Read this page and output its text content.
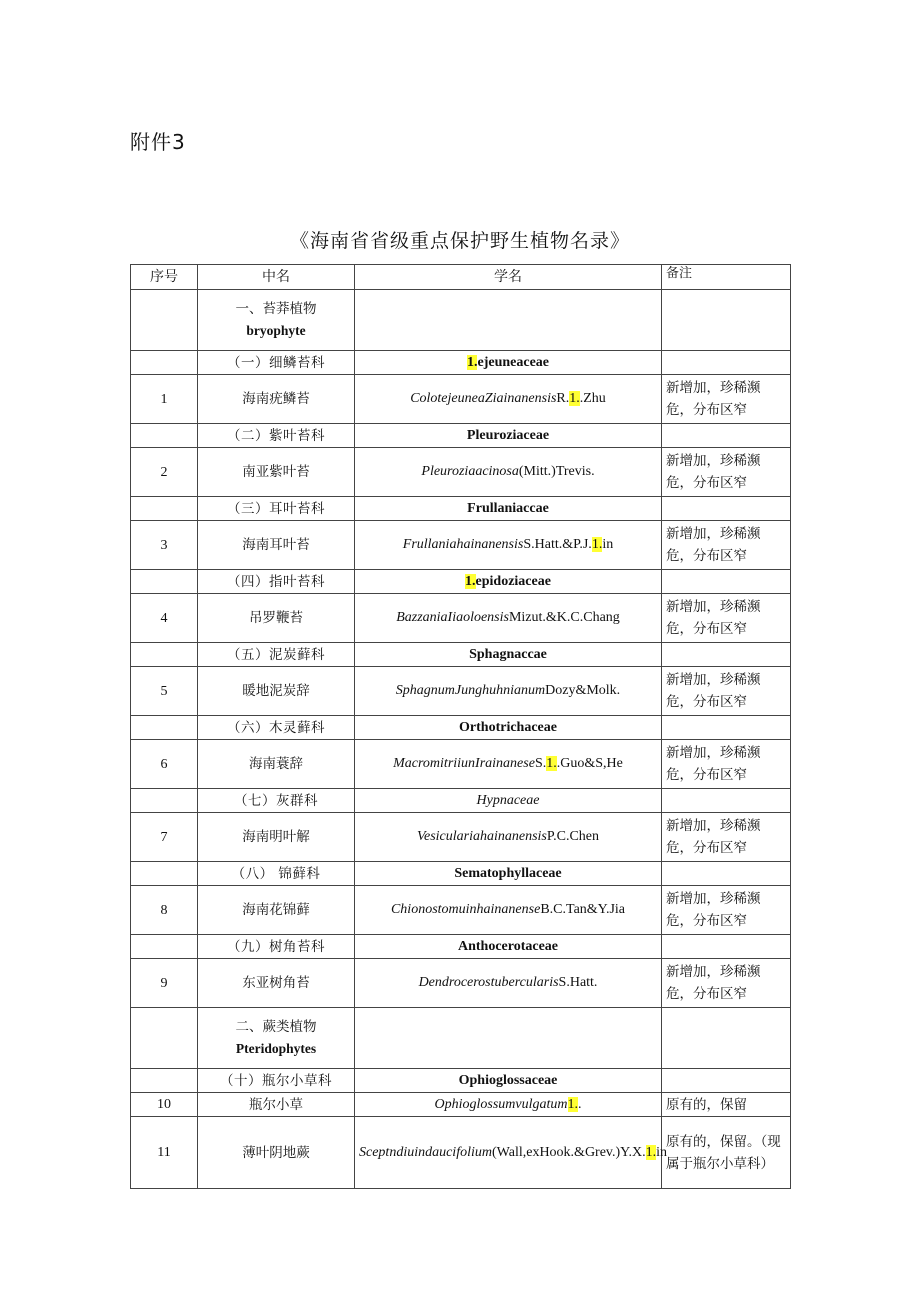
附件3
《海南省省级重点保护野生植物名录》
序号	中名	学名	备注
	一、苔莽植物
bryophyte		
	（一）细鳞苔科	1.ejeuneaceae	
1	海南疣鳞苔	ColotejeuneaZiainanensisR.1..Zhu	新增加，珍稀濒危，分布区窄
	（二）紫叶苔科	Pleuroziaceae	
2	南亚紫叶苔	Pleuroziaacinosa(Mitt.)Trevis.	新增加，珍稀濒危，分布区窄
	（三）耳叶苔科	Frullaniaccae	
3	海南耳叶苔	FrullaniahainanensisS.Hatt.&P.J.1.in	新增加，珍稀濒危，分布区窄
	（四）指叶苔科	1.epidoziaceae	
4	吊罗鞭苔	BazzaniaIiaoloensisMizut.&K.C.Chang	新增加，珍稀濒危，分布区窄
	（五）泥炭藓科	Sphagnaccae	
5	暖地泥炭辞	SphagnumJunghuhnianumDozy&Molk.	新增加，珍稀濒危，分布区窄
	（六）木灵藓科	Orthotrichaceae	
6	海南蓑辞	MacromitriiunIrainaneseS.1..Guo&S,He	新增加，珍稀濒危，分布区窄
	（七）灰群科	Hypnaceae	
7	海南明叶解	VesiculariahainanensisP.C.Chen	新增加，珍稀濒危，分布区窄
	（八） 锦藓科	Sematophyllaceae	
8	海南花锦藓	ChionostomuinhainanenseB.C.Tan&Y.Jia	新增加，珍稀濒危，分布区窄
	（九）树角苔科	Anthocerotaceae	
9	东亚树角苔	DendrocerostubercularisS.Hatt.	新增加，珍稀濒危，分布区窄
	二、蕨类植物
Pteridophytes		
	（十）瓶尔小草科	Ophioglossaceae	
10	瓶尔小草	Ophioglossumvulgatum1..	原有的，保留
11	薄叶阴地蕨	Sceptndiuindaucifolium(Wall,exHook.&Grev.)Y.X.1.in	原有的，保留。（现属于瓶尔小草科）
